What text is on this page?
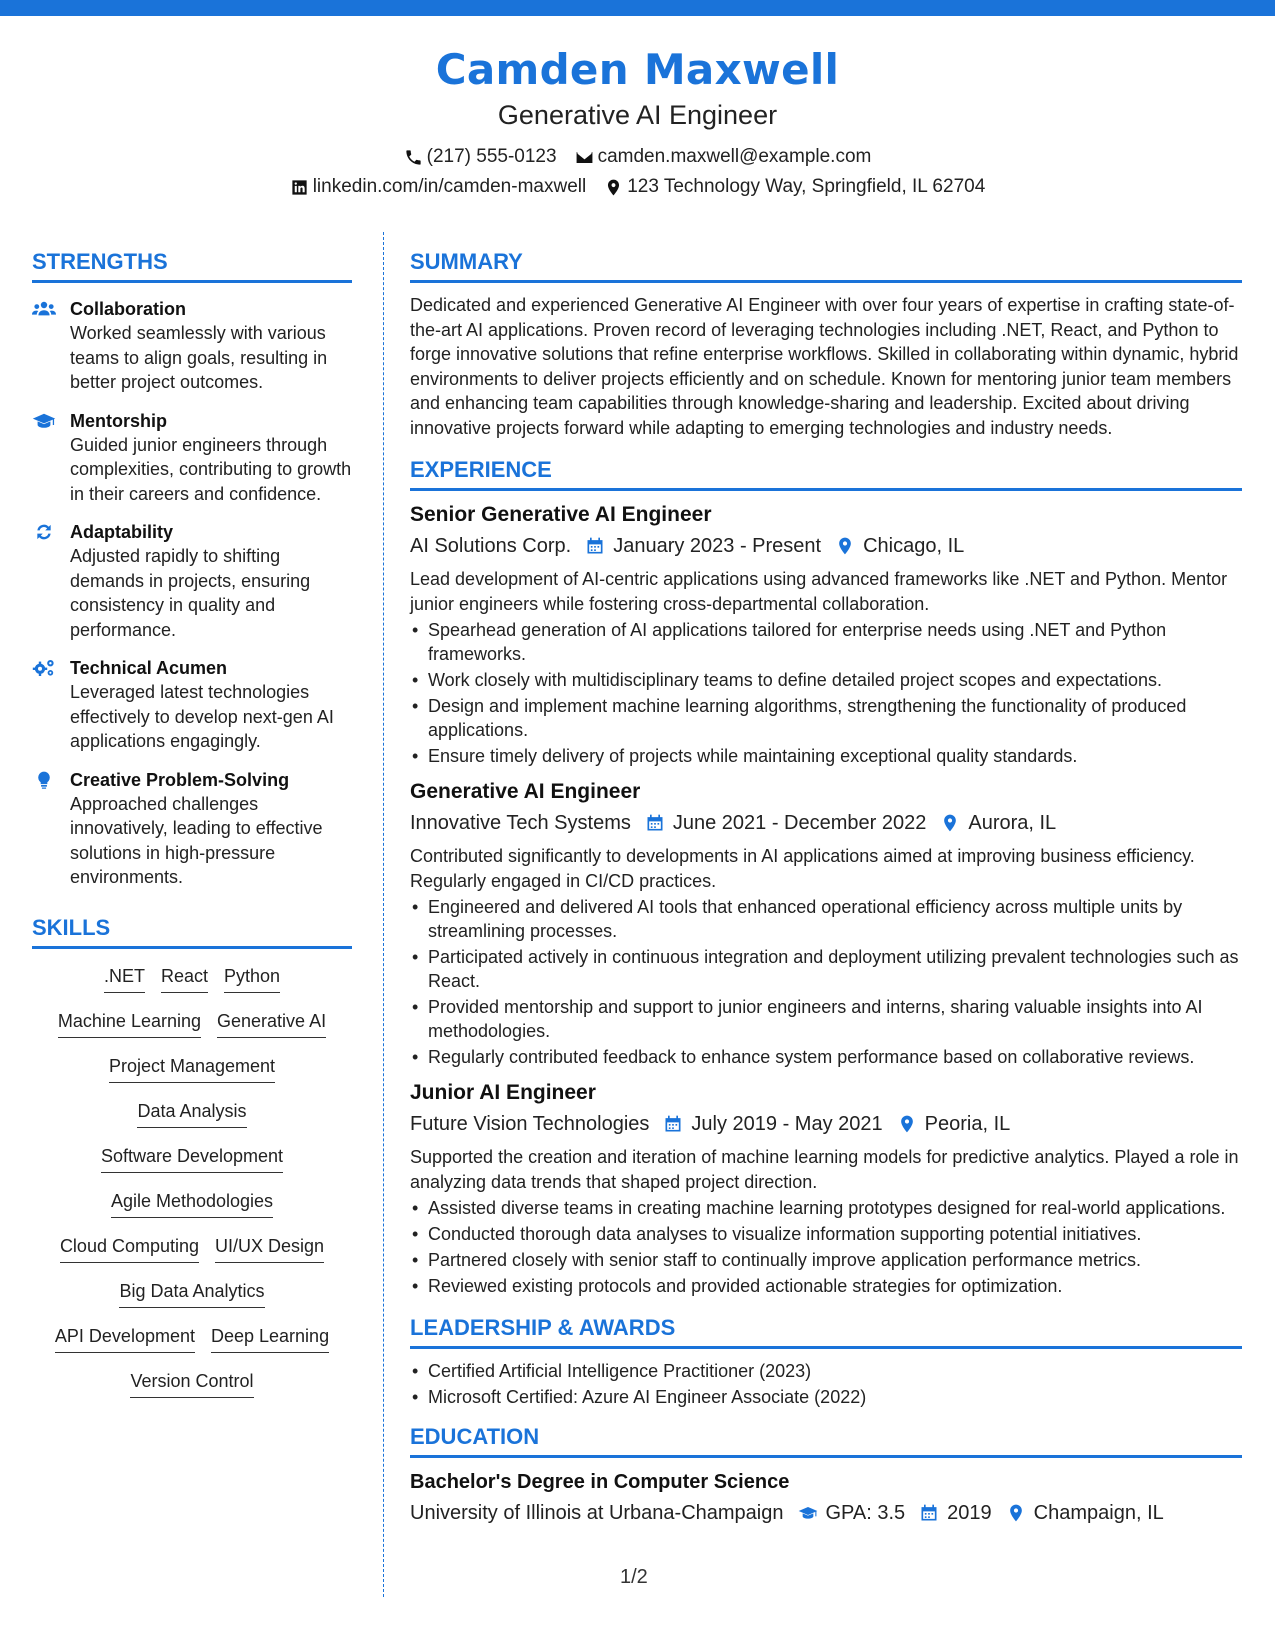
Camden Maxwell
Generative AI Engineer
(217) 555-0123 camden.maxwell@example.com
linkedin.com/in/camden-maxwell 123 Technology Way, Springfield, IL 62704
STRENGTHS
Collaboration
Worked seamlessly with various teams to align goals, resulting in better project outcomes.
Mentorship
Guided junior engineers through complexities, contributing to growth in their careers and confidence.
Adaptability
Adjusted rapidly to shifting demands in projects, ensuring consistency in quality and performance.
Technical Acumen
Leveraged latest technologies effectively to develop next-gen AI applications engagingly.
Creative Problem-Solving
Approached challenges innovatively, leading to effective solutions in high-pressure environments.
SKILLS
.NET React Python
Machine Learning Generative AI
Project Management
Data Analysis
Software Development
Agile Methodologies
Cloud Computing UI/UX Design
Big Data Analytics
API Development Deep Learning
Version Control
SUMMARY
Dedicated and experienced Generative AI Engineer with over four years of expertise in crafting state-of-the-art AI applications. Proven record of leveraging technologies including .NET, React, and Python to forge innovative solutions that refine enterprise workflows. Skilled in collaborating within dynamic, hybrid environments to deliver projects efficiently and on schedule. Known for mentoring junior team members and enhancing team capabilities through knowledge-sharing and leadership. Excited about driving innovative projects forward while adapting to emerging technologies and industry needs.
EXPERIENCE
Senior Generative AI Engineer
AI Solutions Corp. January 2023 - Present Chicago, IL
Lead development of AI-centric applications using advanced frameworks like .NET and Python. Mentor junior engineers while fostering cross-departmental collaboration.
• Spearhead generation of AI applications tailored for enterprise needs using .NET and Python frameworks.
• Work closely with multidisciplinary teams to define detailed project scopes and expectations.
• Design and implement machine learning algorithms, strengthening the functionality of produced applications.
• Ensure timely delivery of projects while maintaining exceptional quality standards.
Generative AI Engineer
Innovative Tech Systems June 2021 - December 2022 Aurora, IL
Contributed significantly to developments in AI applications aimed at improving business efficiency. Regularly engaged in CI/CD practices.
• Engineered and delivered AI tools that enhanced operational efficiency across multiple units by streamlining processes.
• Participated actively in continuous integration and deployment utilizing prevalent technologies such as React.
• Provided mentorship and support to junior engineers and interns, sharing valuable insights into AI methodologies.
• Regularly contributed feedback to enhance system performance based on collaborative reviews.
Junior AI Engineer
Future Vision Technologies July 2019 - May 2021 Peoria, IL
Supported the creation and iteration of machine learning models for predictive analytics. Played a role in analyzing data trends that shaped project direction.
• Assisted diverse teams in creating machine learning prototypes designed for real-world applications.
• Conducted thorough data analyses to visualize information supporting potential initiatives.
• Partnered closely with senior staff to continually improve application performance metrics.
• Reviewed existing protocols and provided actionable strategies for optimization.
LEADERSHIP & AWARDS
• Certified Artificial Intelligence Practitioner (2023)
• Microsoft Certified: Azure AI Engineer Associate (2022)
EDUCATION
Bachelor's Degree in Computer Science
University of Illinois at Urbana-Champaign GPA: 3.5 2019 Champaign, IL
1/2
